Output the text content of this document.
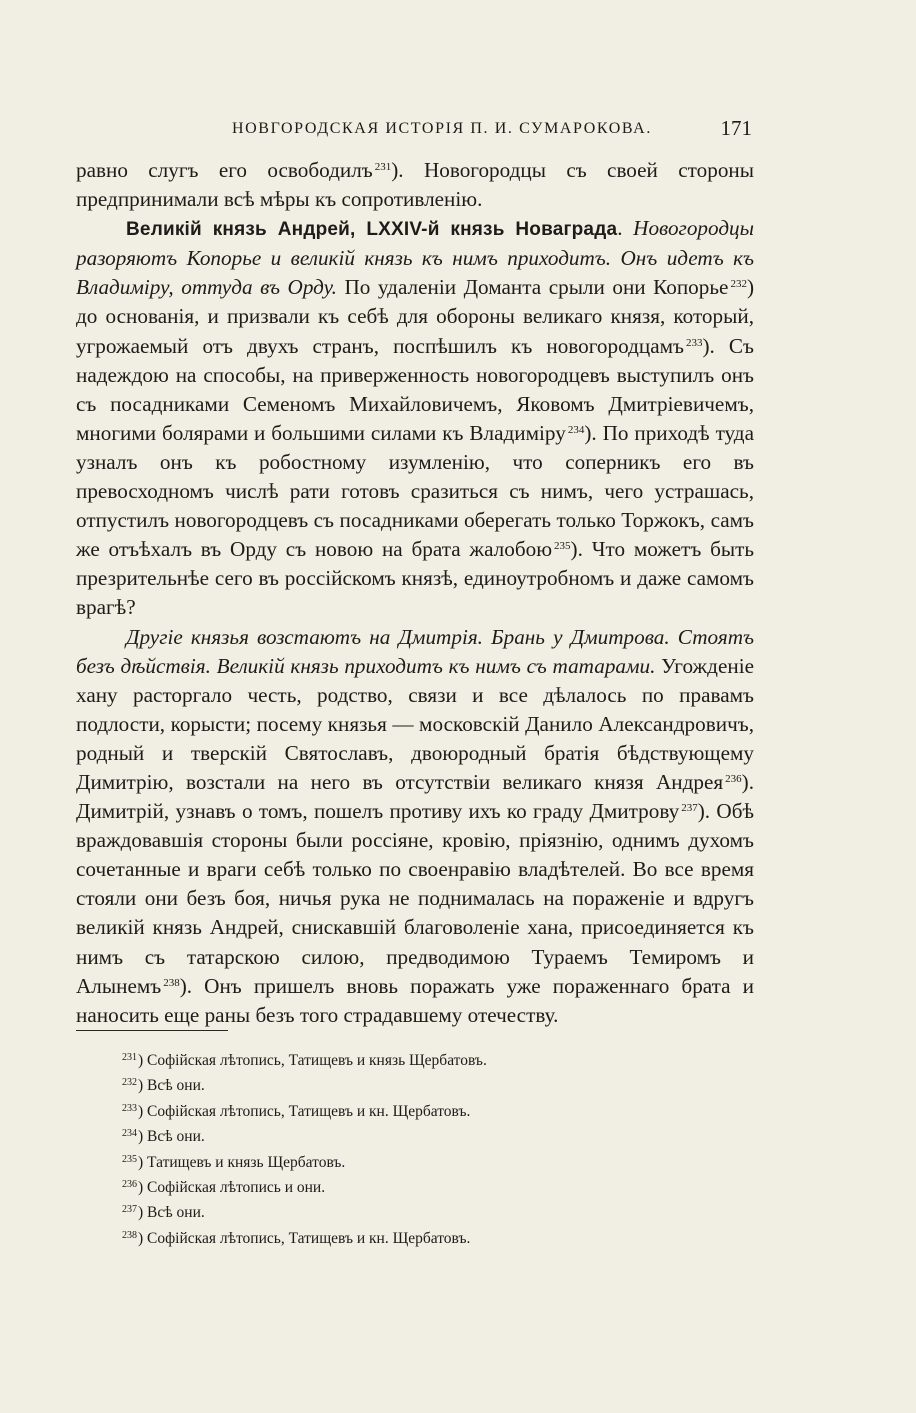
НОВГОРОДСКАЯ ИСТОРІЯ П. И. СУМАРОКОВА.	171

равно слугъ его освободилъ $^{231}$). Новогородцы съ своей стороны предпринимали всѣ мѣры къ сопротивленію.

Великій князь Андрей, LXXIV-й князь Новаграда. Новогородцы разоряютъ Копорье и великій князь къ нимъ приходитъ. Онъ идетъ къ Владиміру, оттуда въ Орду. По удаленіи Доманта срыли они Копорье $^{232}$) до основанія, и призвали къ себѣ для обороны великаго князя, который, угрожаемый отъ двухъ странъ, поспѣшилъ къ новогородцамъ $^{233}$). Съ надеждою на способы, на приверженность новогородцевъ выступилъ онъ съ посадниками Семеномъ Михайловичемъ, Яковомъ Дмитріевичемъ, многими болярами и большими силами къ Владиміру $^{234}$). По приходѣ туда узналъ онъ къ робостному изумленію, что соперникъ его въ превосходномъ числѣ рати готовъ сразиться съ нимъ, чего устрашась, отпустилъ новогородцевъ съ посадниками оберегать только Торжокъ, самъ же отъѣхалъ въ Орду съ новою на брата жалобою $^{235}$). Что можетъ быть презрительнѣе сего въ россійскомъ князѣ, единоутробномъ и даже самомъ врагѣ?

Другіе князья возстаютъ на Дмитрія. Брань у Дмитрова. Стоятъ безъ дѣйствія. Великій князь приходитъ къ нимъ съ татарами. Угожденіе хану расторгало честь, родство, связи и все дѣлалось по правамъ подлости, корысти; посему князья — московскій Данило Александровичъ, родный и тверскій Святославъ, двоюродный братія бѣдствующему Димитрію, возстали на него въ отсутствіи великаго князя Андрея $^{236}$). Димитрій, узнавъ о томъ, пошелъ противу ихъ ко граду Дмитрову $^{237}$). Обѣ враждовавшія стороны были россіяне, кровію, пріязнію, однимъ духомъ сочетанные и враги себѣ только по своенравію владѣтелей. Во все время стояли они безъ боя, ничья рука не поднималась на пораженіе и вдругъ великій князь Андрей, снискавшій благоволеніе хана, присоединяется къ нимъ съ татарскою силою, предводимою Тураемъ Темиромъ и Алынемъ $^{238}$). Онъ пришелъ вновь поражать уже пораженнаго брата и наносить еще раны безъ того страдавшему отечеству.

$^{231}$) Софійская лѣтопись, Татищевъ и князь Щербатовъ.
$^{232}$) Всѣ они.
$^{233}$) Софійская лѣтопись, Татищевъ и кн. Щербатовъ.
$^{234}$) Всѣ они.
$^{235}$) Татищевъ и князь Щербатовъ.
$^{236}$) Софійская лѣтопись и они.
$^{237}$) Всѣ они.
$^{238}$) Софійская лѣтопись, Татищевъ и кн. Щербатовъ.
